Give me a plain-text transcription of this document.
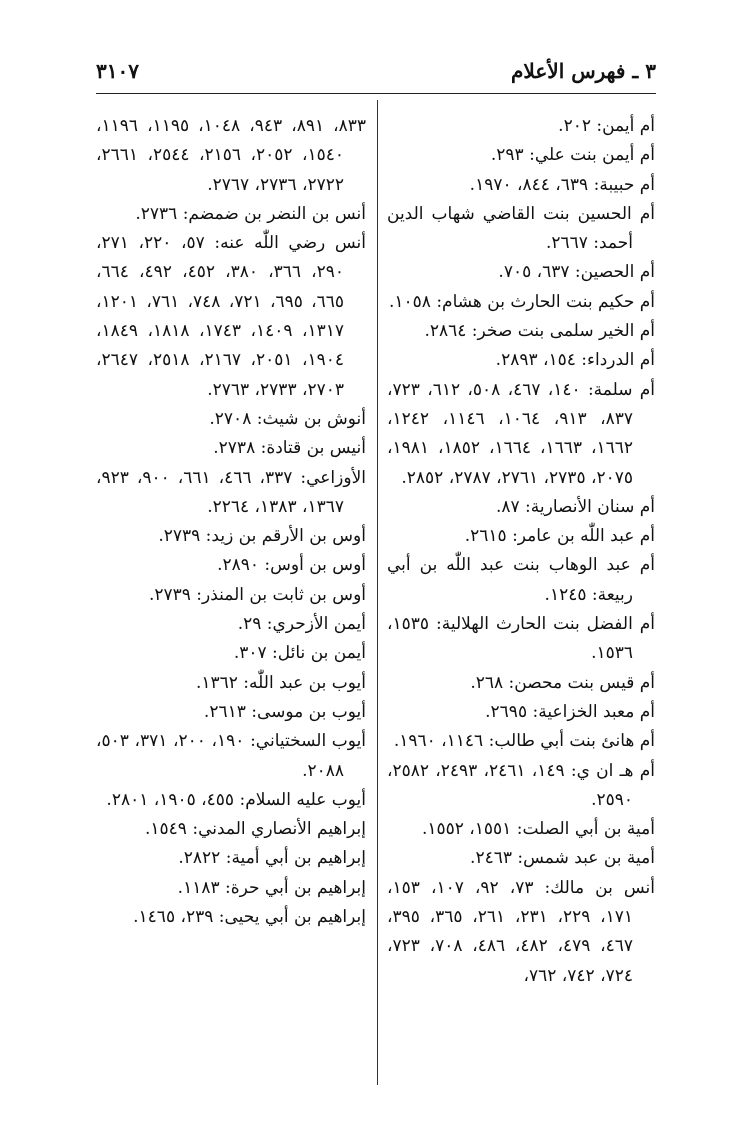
٣ ـ فهرس الأعلام
٣١٠٧

أم أيمن: ٢٠٢.

أم أيمن بنت علي: ٢٩٣.

أم حبيبة: ٦٣٩، ٨٤٤، ١٩٧٠.

أم الحسين بنت القاضي شهاب الدين أحمد: ٢٦٦٧.

أم الحصين: ٦٣٧، ٧٠٥.

أم حكيم بنت الحارث بن هشام: ١٠٥٨.

أم الخير سلمى بنت صخر: ٢٨٦٤.

أم الدرداء: ١٥٤، ٢٨٩٣.

أم سلمة: ١٤٠، ٤٦٧، ٥٠٨، ٦١٢، ٧٢٣، ٨٣٧، ٩١٣، ١٠٦٤، ١١٤٦، ١٢٤٢، ١٦٦٢، ١٦٦٣، ١٦٦٤، ١٨٥٢، ١٩٨١، ٢٠٧٥، ٢٧٣٥، ٢٧٦١، ٢٧٨٧، ٢٨٥٢.

أم سنان الأنصارية: ٨٧.

أم عبد اللّٰه بن عامر: ٢٦١٥.

أم عبد الوهاب بنت عبد اللّٰه بن أبي ربيعة: ١٢٤٥.

أم الفضل بنت الحارث الهلالية: ١٥٣٥، ١٥٣٦.

أم قيس بنت محصن: ٢٦٨.

أم معبد الخزاعية: ٢٦٩٥.

أم هانئ بنت أبي طالب: ١١٤٦، ١٩٦٠.

أم هـ ان ي: ١٤٩، ٢٤٦١، ٢٤٩٣، ٢٥٨٢، ٢٥٩٠.

أمية بن أبي الصلت: ١٥٥١، ١٥٥٢.

أمية بن عبد شمس: ٢٤٦٣.

أنس بن مالك: ٧٣، ٩٢، ١٠٧، ١٥٣، ١٧١، ٢٢٩، ٢٣١، ٢٦١، ٣٦٥، ٣٩٥، ٤٦٧، ٤٧٩، ٤٨٢، ٤٨٦، ٧٠٨، ٧٢٣، ٧٢٤، ٧٤٢، ٧٦٢،

٨٣٣، ٨٩١، ٩٤٣، ١٠٤٨، ١١٩٥، ١١٩٦، ١٥٤٠، ٢٠٥٢، ٢١٥٦، ٢٥٤٤، ٢٦٦١، ٢٧٢٢، ٢٧٣٦، ٢٧٦٧.

أنس بن النضر بن ضمضم: ٢٧٣٦.

أنس رضي اللّٰه عنه: ٥٧، ٢٢٠، ٢٧١، ٢٩٠، ٣٦٦، ٣٨٠، ٤٥٢، ٤٩٢، ٦٦٤، ٦٦٥، ٦٩٥، ٧٢١، ٧٤٨، ٧٦١، ١٢٠١، ١٣١٧، ١٤٠٩، ١٧٤٣، ١٨١٨، ١٨٤٩، ١٩٠٤، ٢٠٥١، ٢١٦٧، ٢٥١٨، ٢٦٤٧، ٢٧٠٣، ٢٧٣٣، ٢٧٦٣.

أنوش بن شيث: ٢٧٠٨.

أنيس بن قتادة: ٢٧٣٨.

الأوزاعي: ٣٣٧، ٤٦٦، ٦٦١، ٩٠٠، ٩٢٣، ١٣٦٧، ١٣٨٣، ٢٢٦٤.

أوس بن الأرقم بن زيد: ٢٧٣٩.

أوس بن أوس: ٢٨٩٠.

أوس بن ثابت بن المنذر: ٢٧٣٩.

أيمن الأزحري: ٢٩.

أيمن بن نائل: ٣٠٧.

أيوب بن عبد اللّٰه: ١٣٦٢.

أيوب بن موسى: ٢٦١٣.

أيوب السختياني: ١٩٠، ٢٠٠، ٣٧١، ٥٠٣، ٢٠٨٨.

أيوب عليه السلام: ٤٥٥، ١٩٠٥، ٢٨٠١.

إبراهيم الأنصاري المدني: ١٥٤٩.

إبراهيم بن أبي أمية: ٢٨٢٢.

إبراهيم بن أبي حرة: ١١٨٣.

إبراهيم بن أبي يحيى: ٢٣٩، ١٤٦٥.
